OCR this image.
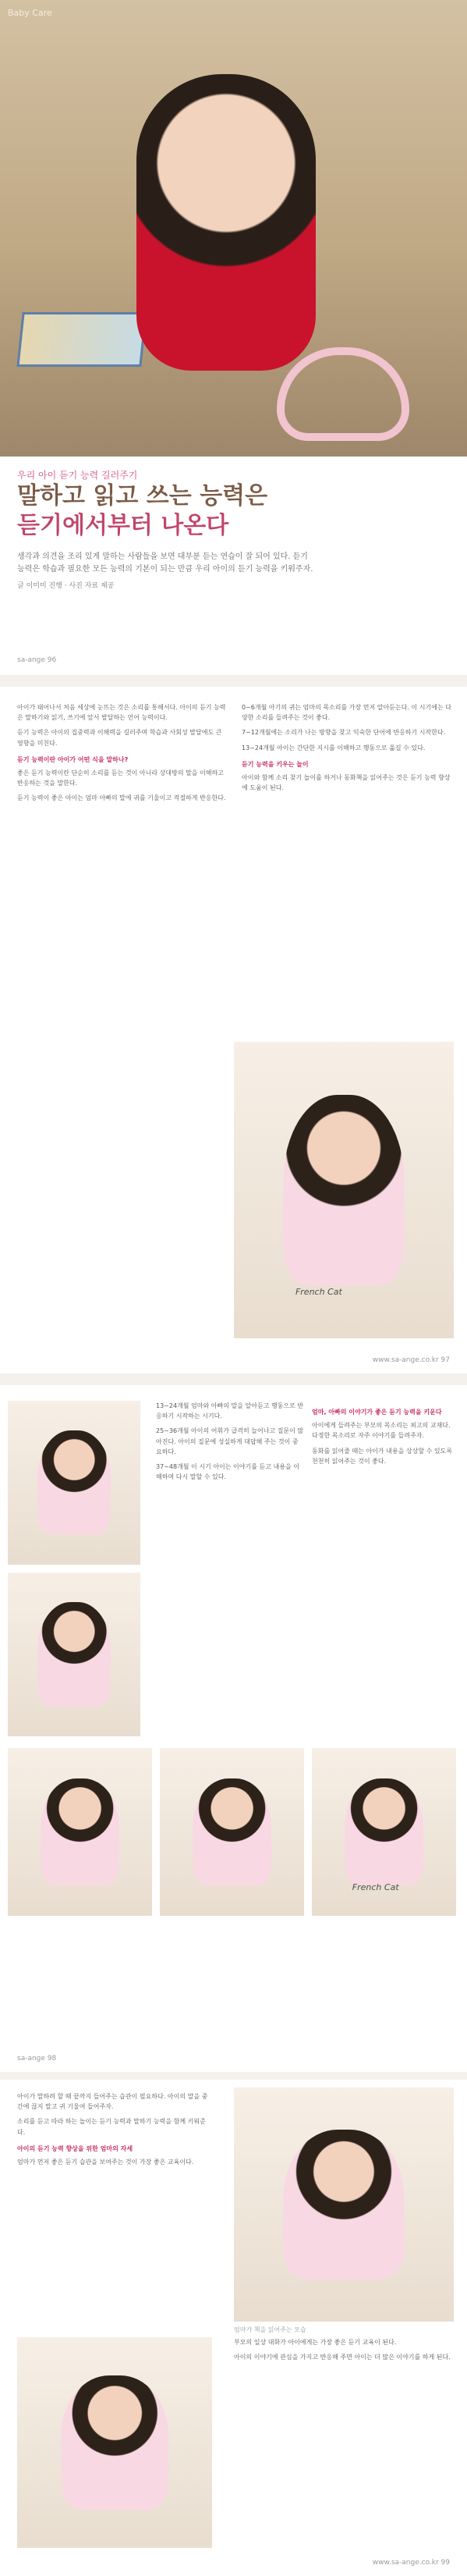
Baby Care
우리 아이 듣기 능력 길러주기
말하고 읽고 쓰는 능력은
듣기에서부터 나온다
생각과 의견을 조리 있게 말하는 사람들을 보면 대부분 듣는 연습이 잘 되어 있다. 듣기 능력은 학습과 필요한 모든 능력의 기본이 되는 만큼 우리 아이의 듣기 능력을 키워주자.
글 이미미 진행 · 사진 자료 제공
sa-ange 96

아이가 태어나서 처음 세상에 눈뜨는 것은 소리를 통해서다. 아이의 듣기 능력은 말하기와 읽기, 쓰기에 앞서 발달하는 언어 능력이다.

듣기 능력은 아이의 집중력과 이해력을 길러주며 학습과 사회성 발달에도 큰 영향을 미친다.

듣기 능력이란 아이가 어떤 식을 말하나?

좋은 듣기 능력이란 단순히 소리를 듣는 것이 아니라 상대방의 말을 이해하고 반응하는 것을 말한다.

듣기 능력이 좋은 아이는 엄마 아빠의 말에 귀를 기울이고 적절하게 반응한다.

0~6개월 아기의 귀는 엄마의 목소리를 가장 먼저 알아듣는다. 이 시기에는 다양한 소리를 들려주는 것이 좋다.

7~12개월에는 소리가 나는 방향을 찾고 익숙한 단어에 반응하기 시작한다.

13~24개월 아이는 간단한 지시를 이해하고 행동으로 옮길 수 있다.

듣기 능력을 키우는 놀이

아이와 함께 소리 찾기 놀이를 하거나 동화책을 읽어주는 것은 듣기 능력 향상에 도움이 된다.

French Cat
www.sa-ange.co.kr 97
French Cat

13~24개월 엄마와 아빠의 말을 알아듣고 행동으로 반응하기 시작하는 시기다.

25~36개월 아이의 어휘가 급격히 늘어나고 질문이 많아진다. 아이의 질문에 성실하게 대답해 주는 것이 중요하다.

37~48개월 이 시기 아이는 이야기를 듣고 내용을 이해하며 다시 말할 수 있다.

엄마, 아빠의 이야기가 좋은 듣기 능력을 키운다

아이에게 들려주는 부모의 목소리는 최고의 교재다. 다정한 목소리로 자주 이야기를 들려주자.

동화를 읽어줄 때는 아이가 내용을 상상할 수 있도록 천천히 읽어주는 것이 좋다.

sa-ange 98

아이가 말하려 할 때 끝까지 들어주는 습관이 필요하다. 아이의 말을 중간에 끊지 말고 귀 기울여 들어주자.

소리를 듣고 따라 하는 놀이는 듣기 능력과 말하기 능력을 함께 키워준다.

아이의 듣기 능력 향상을 위한 엄마의 자세

엄마가 먼저 좋은 듣기 습관을 보여주는 것이 가장 좋은 교육이다.

부모의 일상 대화가 아이에게는 가장 좋은 듣기 교육이 된다.

아이의 이야기에 관심을 가지고 반응해 주면 아이는 더 많은 이야기를 하게 된다.

엄마가 책을 읽어주는 모습
www.sa-ange.co.kr 99
